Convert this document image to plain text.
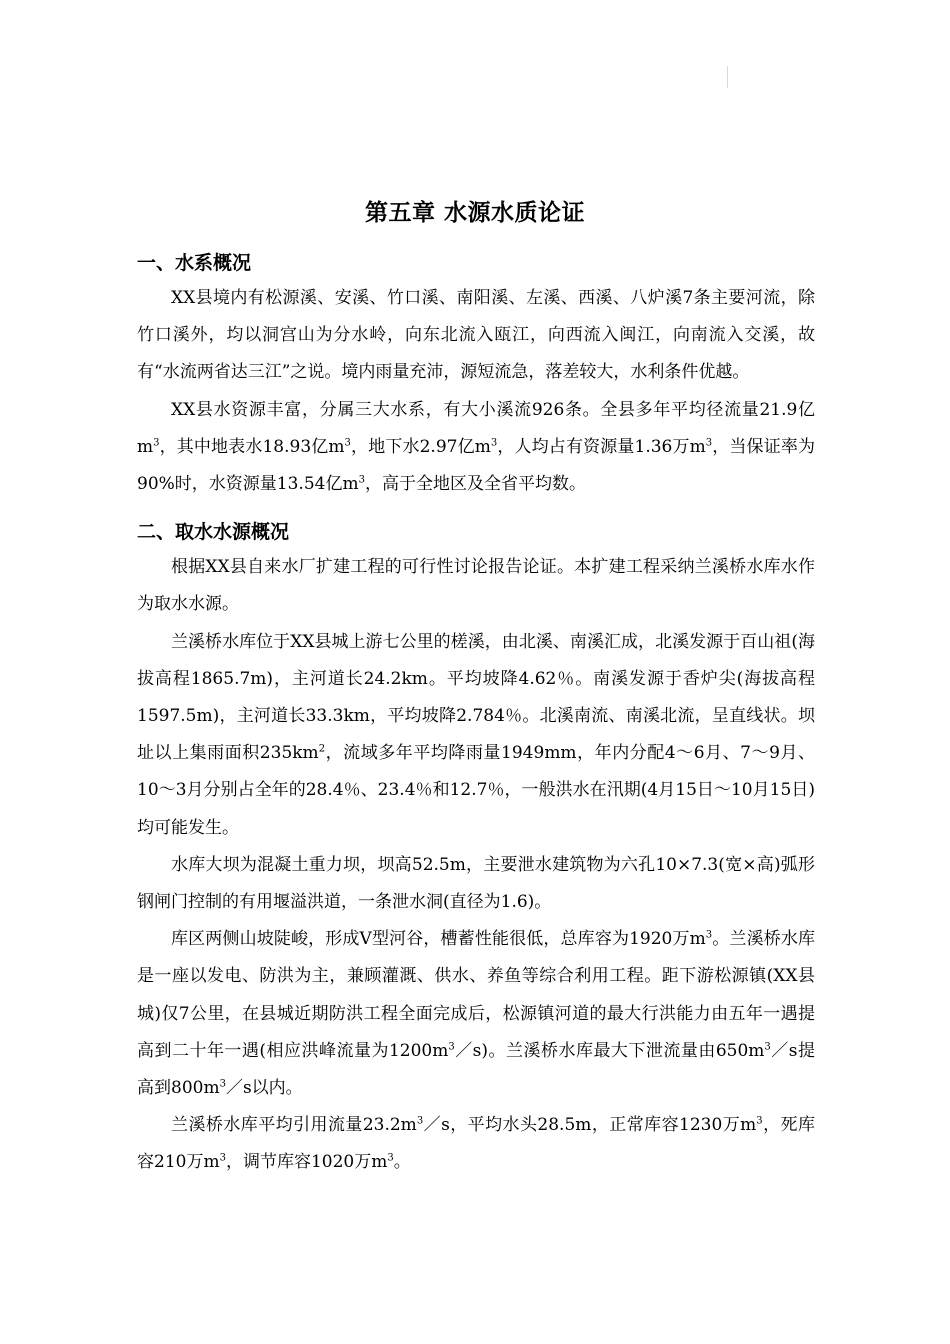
第五章 水源水质论证
一、水系概况

XX县境内有松源溪、安溪、竹口溪、南阳溪、左溪、西溪、八炉溪7条主要河流，除竹口溪外，均以洞宫山为分水岭，向东北流入瓯江，向西流入闽江，向南流入交溪，故有“水流两省达三江”之说。境内雨量充沛，源短流急，落差较大，水利条件优越。

XX县水资源丰富，分属三大水系，有大小溪流926条。全县多年平均径流量21.9亿$m^3$，其中地表水18.93亿$m^3$，地下水2.97亿$m^3$，人均占有资源量1.36万$m^3$，当保证率为90%时，水资源量13.54亿$m^3$，高于全地区及全省平均数。

二、取水水源概况

根据XX县自来水厂扩建工程的可行性讨论报告论证。本扩建工程采纳兰溪桥水库水作为取水水源。

兰溪桥水库位于XX县城上游七公里的槎溪，由北溪、南溪汇成，北溪发源于百山祖(海拔高程1865.7m)，主河道长24.2km。平均坡降4.62％。南溪发源于香炉尖(海拔高程1597.5m)，主河道长33.3km，平均坡降2.784％。北溪南流、南溪北流，呈直线状。坝址以上集雨面积$235km^2$，流域多年平均降雨量1949mm，年内分配4～6月、7～9月、10～3月分别占全年的28.4％、23.4％和12.7％，一般洪水在汛期(4月15日～10月15日)均可能发生。

水库大坝为混凝土重力坝，坝高52.5m，主要泄水建筑物为六孔10×7.3(宽×高)弧形钢闸门控制的有用堰溢洪道，一条泄水洞(直径为1.6)。

库区两侧山坡陡峻，形成V型河谷，槽蓄性能很低，总库容为1920万$m^3$。兰溪桥水库是一座以发电、防洪为主，兼顾灌溉、供水、养鱼等综合利用工程。距下游松源镇(XX县城)仅7公里，在县城近期防洪工程全面完成后，松源镇河道的最大行洪能力由五年一遇提高到二十年一遇(相应洪峰流量为$1200m^3/s$)。兰溪桥水库最大下泄流量由$650m^3/s$提高到$800m^3/s$以内。

兰溪桥水库平均引用流量$23.2m^3/s$，平均水头28.5m，正常库容1230万$m^3$，死库容210万$m^3$，调节库容1020万$m^3$。
